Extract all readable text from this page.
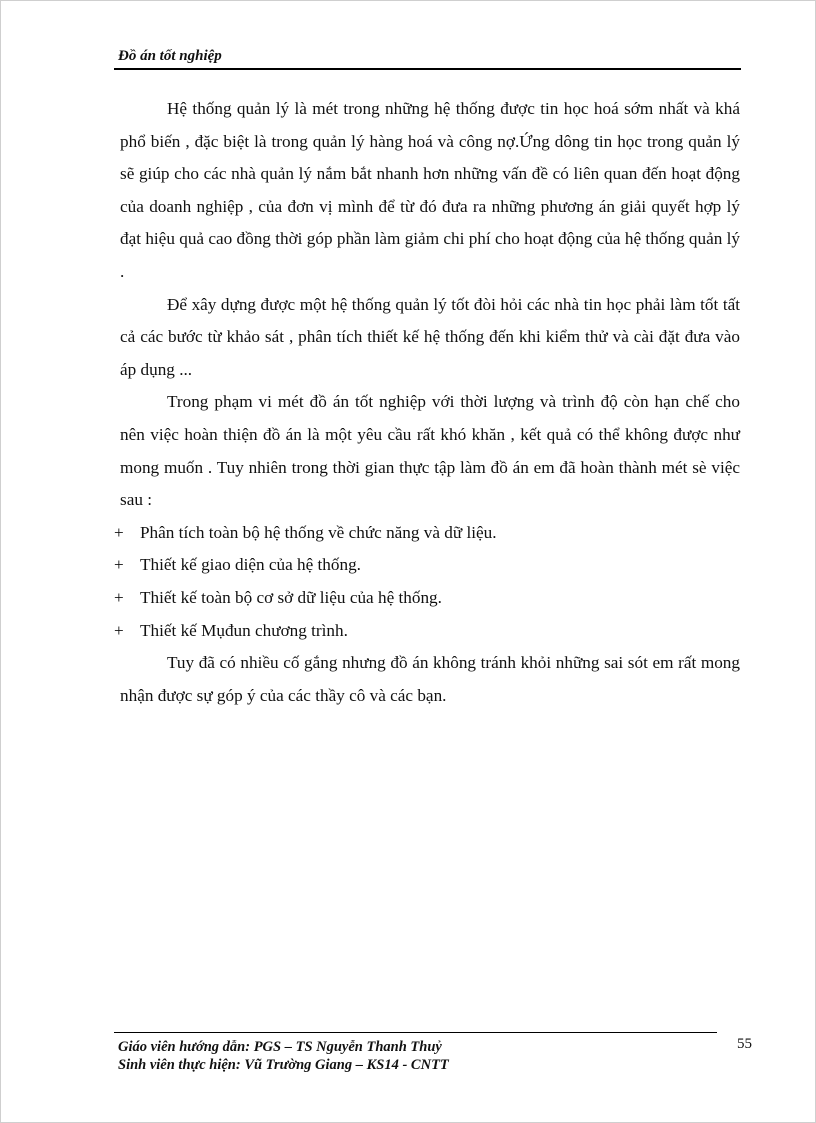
Đồ án tốt nghiệp

Hệ thống quản lý là mét trong những hệ thống được tin học hoá sớm nhất và khá phổ biến , đặc biệt là trong quản lý hàng hoá và công nợ.Ứng dông tin học trong quản lý sẽ giúp cho các nhà quản lý nắm bắt nhanh hơn những vấn đề có liên quan đến hoạt động của doanh nghiệp , của đơn vị mình để từ đó đưa ra những phương án giải quyết hợp lý đạt hiệu quả cao đồng thời góp phần làm giảm chi phí cho hoạt động của hệ thống quản lý .

Để xây dựng được một hệ thống quản lý tốt đòi hỏi các nhà tin học phải làm tốt tất cả các bước từ khảo sát , phân tích thiết kế hệ thống đến khi kiểm thử và cài đặt đưa vào áp dụng ...

Trong phạm vi mét đồ án tốt nghiệp với thời lượng và trình độ còn hạn chế cho nên việc hoàn thiện đồ án là một yêu cầu rất khó khăn , kết quả có thể không được như mong muốn . Tuy nhiên trong thời gian thực tập làm đồ án em đã hoàn thành mét sè việc sau :

+ Phân tích toàn bộ hệ thống về chức năng và dữ liệu.
+ Thiết kế giao diện của hệ thống.
+ Thiết kế toàn bộ cơ sở dữ liệu của hệ thống.
+ Thiết kế Mụđun chương trình.

Tuy đã có nhiều cố gắng nhưng đồ án không tránh khỏi những sai sót em rất mong nhận được sự góp ý của các thầy cô và các bạn.

Giáo viên hướng dẫn: PGS – TS Nguyễn Thanh Thuỷ
Sinh viên thực hiện: Vũ Trường Giang – KS14 - CNTT
55
